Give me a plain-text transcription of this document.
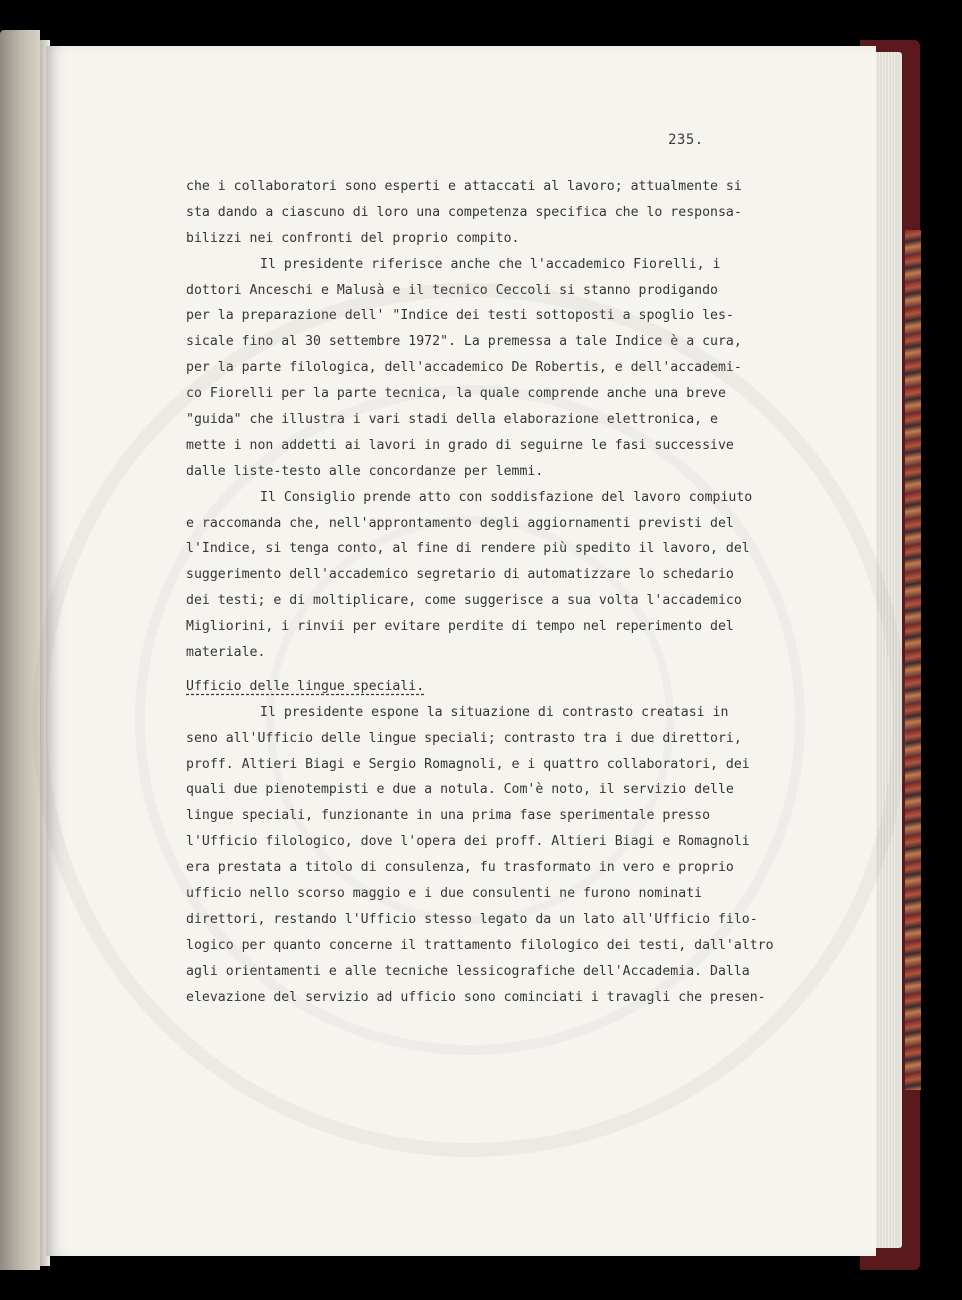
235.

che i collaboratori sono esperti e attaccati al lavoro; attualmente si

sta dando a ciascuno di loro una competenza specifica che lo responsa-

bilizzi nei confronti del proprio compito.

Il presidente riferisce anche che l'accademico Fiorelli, i

dottori Anceschi e Malusà e il tecnico Ceccoli si stanno prodigando

per la preparazione dell' "Indice dei testi sottoposti a spoglio les-

sicale fino al 30 settembre 1972". La premessa a tale Indice è a cura,

per la parte filologica, dell'accademico De Robertis, e dell'accademi-

co Fiorelli per la parte tecnica, la quale comprende anche una breve

"guida" che illustra i vari stadi della elaborazione elettronica, e

mette i non addetti ai lavori in grado di seguirne le fasi successive

dalle liste-testo alle concordanze per lemmi.

Il Consiglio prende atto con soddisfazione del lavoro compiuto

e raccomanda che, nell'approntamento degli aggiornamenti previsti del

l'Indice, si tenga conto, al fine di rendere più spedito il lavoro, del

suggerimento dell'accademico segretario di automatizzare lo schedario

dei testi; e di moltiplicare, come suggerisce a sua volta l'accademico

Migliorini, i rinvii per evitare perdite di tempo nel reperimento del

materiale.

Ufficio delle lingue speciali.

Il presidente espone la situazione di contrasto creatasi in

seno all'Ufficio delle lingue speciali; contrasto tra i due direttori,

proff. Altieri Biagi e Sergio Romagnoli, e i quattro collaboratori, dei

quali due pienotempisti e due a notula. Com'è noto, il servizio delle

lingue speciali, funzionante in una prima fase sperimentale presso

l'Ufficio filologico, dove l'opera dei proff. Altieri Biagi e Romagnoli

era prestata a titolo di consulenza, fu trasformato in vero e proprio

ufficio nello scorso maggio e i due consulenti ne furono nominati

direttori, restando l'Ufficio stesso legato da un lato all'Ufficio filo-

logico per quanto concerne il trattamento filologico dei testi, dall'altro

agli orientamenti e alle tecniche lessicografiche dell'Accademia. Dalla

elevazione del servizio ad ufficio sono cominciati i travagli che presen-
